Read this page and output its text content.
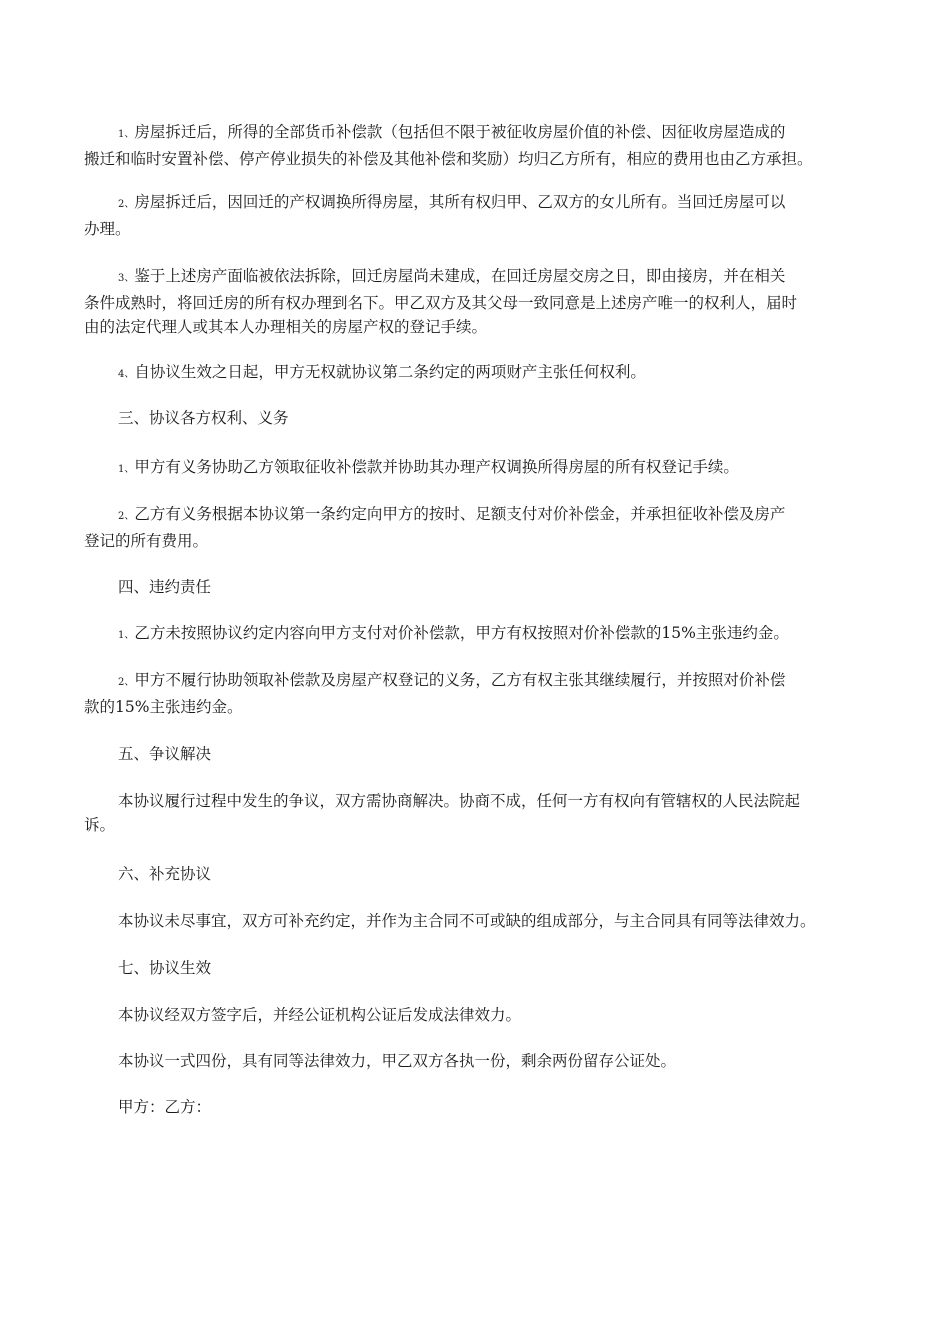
1、房屋拆迁后，所得的全部货币补偿款（包括但不限于被征收房屋价值的补偿、因征收房屋造成的
搬迁和临时安置补偿、停产停业损失的补偿及其他补偿和奖励）均归乙方所有，相应的费用也由乙方承担。
2、房屋拆迁后，因回迁的产权调换所得房屋，其所有权归甲、乙双方的女儿所有。当回迁房屋可以
办理。
3、鉴于上述房产面临被依法拆除，回迁房屋尚未建成，在回迁房屋交房之日，即由接房，并在相关
条件成熟时，将回迁房的所有权办理到名下。甲乙双方及其父母一致同意是上述房产唯一的权利人，届时
由的法定代理人或其本人办理相关的房屋产权的登记手续。
4、自协议生效之日起，甲方无权就协议第二条约定的两项财产主张任何权利。
三、协议各方权利、义务
1、甲方有义务协助乙方领取征收补偿款并协助其办理产权调换所得房屋的所有权登记手续。
2、乙方有义务根据本协议第一条约定向甲方的按时、足额支付对价补偿金，并承担征收补偿及房产
登记的所有费用。
四、违约责任
1、乙方未按照协议约定内容向甲方支付对价补偿款，甲方有权按照对价补偿款的15%主张违约金。
2、甲方不履行协助领取补偿款及房屋产权登记的义务，乙方有权主张其继续履行，并按照对价补偿
款的15%主张违约金。
五、争议解决
本协议履行过程中发生的争议，双方需协商解决。协商不成，任何一方有权向有管辖权的人民法院起
诉。
六、补充协议
本协议未尽事宜，双方可补充约定，并作为主合同不可或缺的组成部分，与主合同具有同等法律效力。
七、协议生效
本协议经双方签字后，并经公证机构公证后发成法律效力。
本协议一式四份，具有同等法律效力，甲乙双方各执一份，剩余两份留存公证处。
甲方：乙方：
